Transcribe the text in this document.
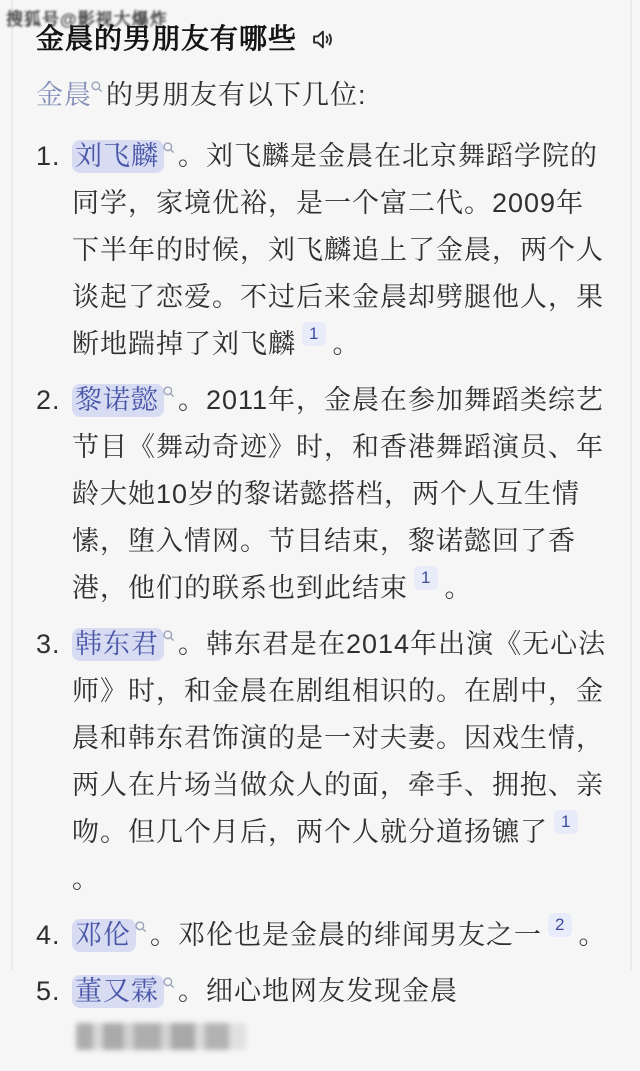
搜狐号@影视大爆炸
金晨的男朋友有哪些

金晨 的男朋友有以下几位:

1. 刘飞麟 。刘飞麟是金晨在北京舞蹈学院的同学，家境优裕，是一个富二代。2009年下半年的时候，刘飞麟追上了金晨，两个人谈起了恋爱。不过后来金晨却劈腿他人，果断地踹掉了刘飞麟 1 。
2. 黎诺懿 。2011年，金晨在参加舞蹈类综艺节目《舞动奇迹》时，和香港舞蹈演员、年龄大她10岁的黎诺懿搭档，两个人互生情愫，堕入情网。节目结束，黎诺懿回了香港，他们的联系也到此结束 1 。
3. 韩东君 。韩东君是在2014年出演《无心法师》时，和金晨在剧组相识的。在剧中，金晨和韩东君饰演的是一对夫妻。因戏生情，两人在片场当做众人的面，牵手、拥抱、亲吻。但几个月后，两个人就分道扬镳了 1。
4. 邓伦 。邓伦也是金晨的绯闻男友之一 2 。
5. 董又霖 。细心地网友发现金晨
